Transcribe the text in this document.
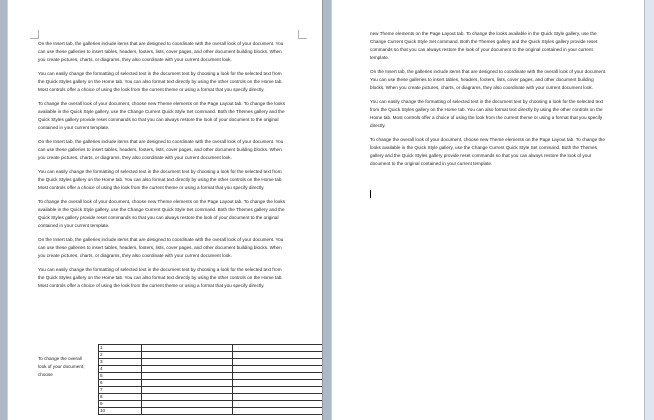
On the Insert tab, the galleries include items that are designed to coordinate with the overall look of your document. You can use these galleries to insert tables, headers, footers, lists, cover pages, and other document building blocks. When you create pictures, charts, or diagrams, they also coordinate with your current document look.

You can easily change the formatting of selected text in the document text by choosing a look for the selected text from the Quick Styles gallery on the Home tab. You can also format text directly by using the other controls on the Home tab. Most controls offer a choice of using the look from the current theme or using a format that you specify directly.

To change the overall look of your document, choose new Theme elements on the Page Layout tab. To change the looks available in the Quick Style gallery, use the Change Current Quick Style Set command. Both the Themes gallery and the Quick Styles gallery provide reset commands so that you can always restore the look of your document to the original contained in your current template.

On the Insert tab, the galleries include items that are designed to coordinate with the overall look of your document. You can use these galleries to insert tables, headers, footers, lists, cover pages, and other document building blocks. When you create pictures, charts, or diagrams, they also coordinate with your current document look.

You can easily change the formatting of selected text in the document text by choosing a look for the selected text from the Quick Styles gallery on the Home tab. You can also format text directly by using the other controls on the Home tab. Most controls offer a choice of using the look from the current theme or using a format that you specify directly.

To change the overall look of your document, choose new Theme elements on the Page Layout tab. To change the looks available in the Quick Style gallery, use the Change Current Quick Style Set command. Both the Themes gallery and the Quick Styles gallery provide reset commands so that you can always restore the look of your document to the original contained in your current template.

On the Insert tab, the galleries include items that are designed to coordinate with the overall look of your document. You can use these galleries to insert tables, headers, footers, lists, cover pages, and other document building blocks. When you create pictures, charts, or diagrams, they also coordinate with your current document look.

You can easily change the formatting of selected text in the document text by choosing a look for the selected text from the Quick Styles gallery on the Home tab. You can also format text directly by using the other controls on the Home tab. Most controls offer a choice of using the look from the current theme or using a format that you specify directly.

To change the overall look of your document, choose
1		
2		
3		
4		
5		
6		
7		
8		
9		
10		

new Theme elements on the Page Layout tab. To change the looks available in the Quick Style gallery, use the Change Current Quick Style Set command. Both the Themes gallery and the Quick Styles gallery provide reset commands so that you can always restore the look of your document to the original contained in your current template.

On the Insert tab, the galleries include items that are designed to coordinate with the overall look of your document. You can use these galleries to insert tables, headers, footers, lists, cover pages, and other document building blocks. When you create pictures, charts, or diagrams, they also coordinate with your current document look.

You can easily change the formatting of selected text in the document text by choosing a look for the selected text from the Quick Styles gallery on the Home tab. You can also format text directly by using the other controls on the Home tab. Most controls offer a choice of using the look from the current theme or using a format that you specify directly.

To change the overall look of your document, choose new Theme elements on the Page Layout tab. To change the looks available in the Quick Style gallery, use the Change Current Quick Style Set command. Both the Themes gallery and the Quick Styles gallery provide reset commands so that you can always restore the look of your document to the original contained in your current template.
